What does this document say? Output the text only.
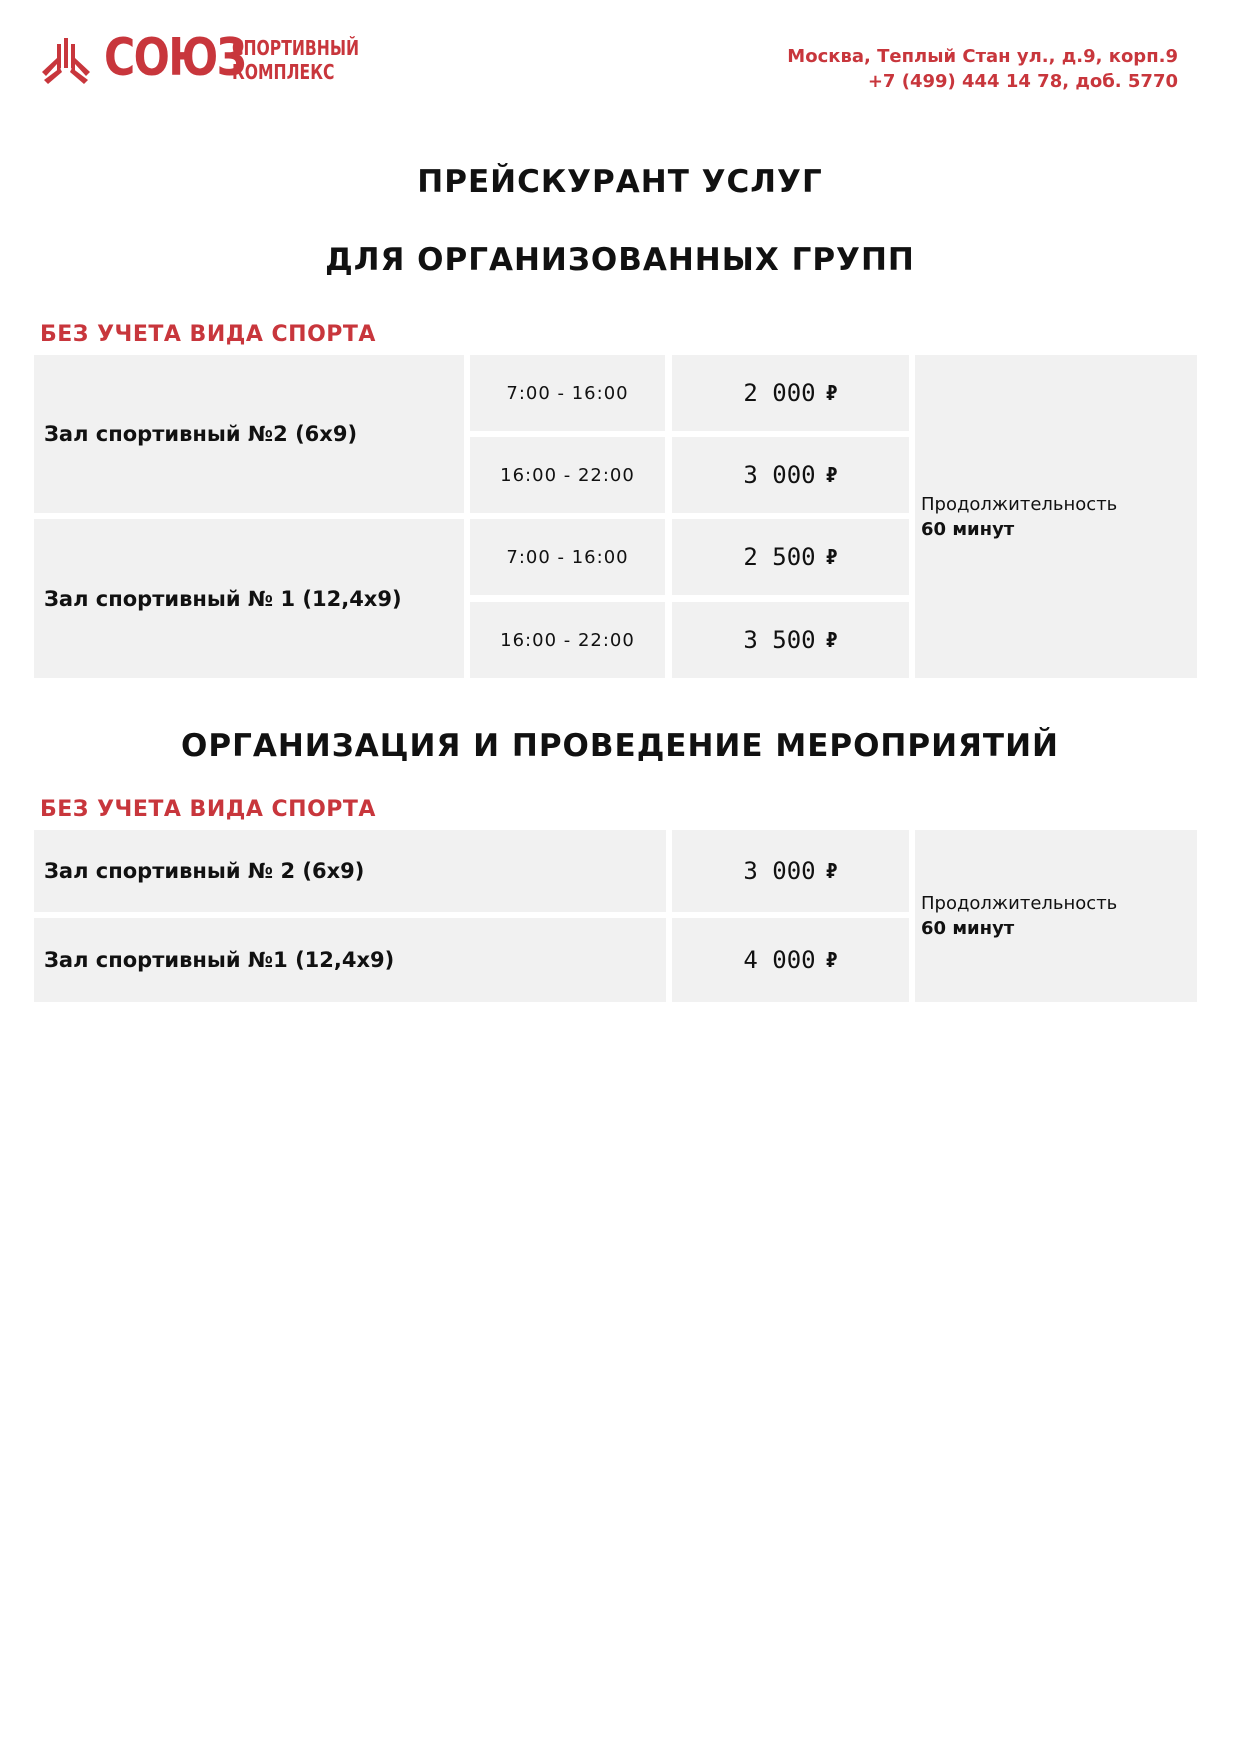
СОЮЗ
СПОРТИВНЫЙ
КОМПЛЕКС
Москва, Теплый Стан ул., д.9, корп.9
+7 (499) 444 14 78, доб. 5770
ПРЕЙСКУРАНТ УСЛУГ
ДЛЯ ОРГАНИЗОВАННЫХ ГРУПП
БЕЗ УЧЕТА ВИДА СПОРТА
Зал спортивный №2 (6х9)
7:00 - 16:00	2 000 ₽
16:00 - 22:00	3 000 ₽
Зал спортивный № 1 (12,4х9)
7:00 - 16:00	2 500 ₽
16:00 - 22:00	3 500 ₽
Продолжительность
60 минут
ОРГАНИЗАЦИЯ И ПРОВЕДЕНИЕ МЕРОПРИЯТИЙ
БЕЗ УЧЕТА ВИДА СПОРТА
Зал спортивный № 2 (6х9)	3 000 ₽
Зал спортивный №1 (12,4х9)	4 000 ₽
Продолжительность
60 минут
